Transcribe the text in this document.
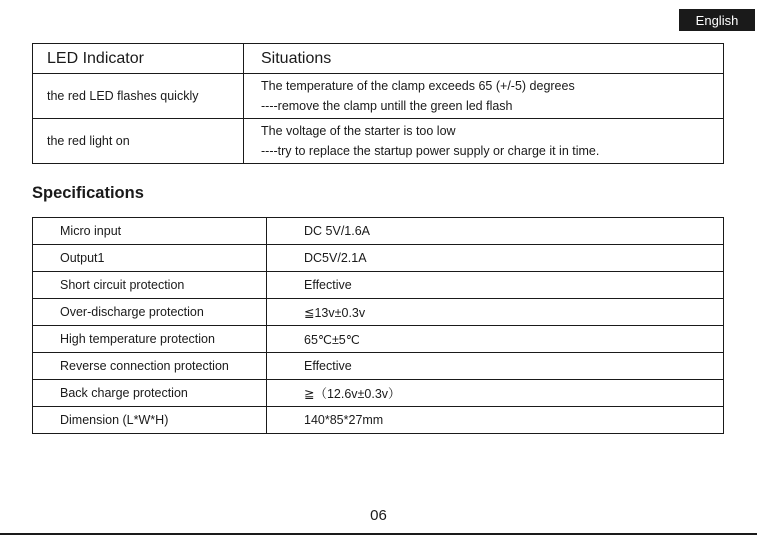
English
LED Indicator	Situations
the red LED flashes quickly	The temperature of the clamp exceeds 65 (+/-5) degrees
----remove the clamp untill the green led flash

the red light on	The voltage of the starter is too low
----try to replace the startup power supply or charge it in time.
Specifications
Micro input	DC 5V/1.6A
Output1	DC5V/2.1A
Short circuit protection	Effective
Over-discharge protection	≦13v±0.3v
High temperature protection	65℃±5℃
Reverse connection protection	Effective
Back charge protection	≧（12.6v±0.3v）
Dimension (L*W*H)	140*85*27mm
06
